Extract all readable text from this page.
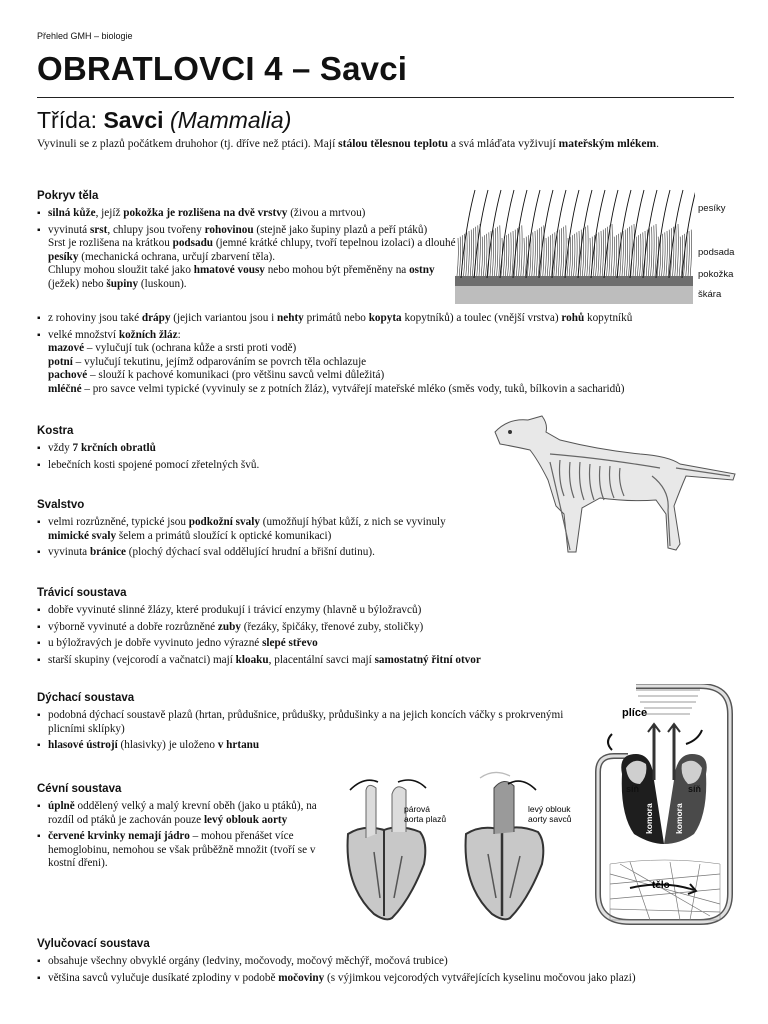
Přehled GMH – biologie
OBRATLOVCI 4 – Savci
Třída: Savci (Mammalia)
Vyvinuli se z plazů počátkem druhohor (tj. dříve než ptáci). Mají stálou tělesnou teplotu a svá mláďata vyživují mateřským mlékem.
Pokryv těla
▪ silná kůže, jejíž pokožka je rozlišena na dvě vrstvy (živou a mrtvou)
▪ vyvinutá srst, chlupy jsou tvořeny rohovinou (stejně jako šupiny plazů a peří ptáků)
Srst je rozlišena na krátkou podsadu (jemné krátké chlupy, tvoří tepelnou izolaci) a dlouhé pesíky (mechanická ochrana, určují zbarvení těla).
Chlupy mohou sloužit také jako hmatové vousy nebo mohou být přeměněny na ostny (ježek) nebo šupiny (luskoun).
▪ z rohoviny jsou také drápy (jejich variantou jsou i nehty primátů nebo kopyta kopytníků) a toulec (vnější vrstva) rohů kopytníků
▪ velké množství kožních žláz:
mazové – vylučují tuk (ochrana kůže a srsti proti vodě)
potní – vylučují tekutinu, jejímž odparováním se povrch těla ochlazuje
pachové – slouží k pachové komunikaci (pro většinu savců velmi důležitá)
mléčné – pro savce velmi typické (vyvinuly se z potních žláz), vytvářejí mateřské mléko (směs vody, tuků, bílkovin a sacharidů)
pesíky
podsada
pokožka
škára
Kostra
▪ vždy 7 krčních obratlů
▪ lebečních kosti spojené pomocí zřetelných švů.
Svalstvo
▪ velmi rozrůzněné, typické jsou podkožní svaly (umožňují hýbat kůží, z nich se vyvinuly mimické svaly šelem a primátů sloužící k optické komunikaci)
▪ vyvinuta bránice (plochý dýchací sval oddělující hrudní a břišní dutinu).
Trávicí soustava
▪ dobře vyvinuté slinné žlázy, které produkují i trávicí enzymy (hlavně u býložravců)
▪ výborně vyvinuté a dobře rozrůzněné zuby (řezáky, špičáky, třenové zuby, stoličky)
▪ u býložravých je dobře vyvinuto jedno výrazné slepé střevo
▪ starší skupiny (vejcorodí a vačnatci) mají kloaku, placentální savci mají samostatný řitní otvor
Dýchací soustava
▪ podobná dýchací soustavě plazů (hrtan, průdušnice, průdušky, průdušinky a na jejich koncích váčky s prokrvenými plicními sklípky)
▪ hlasové ústrojí (hlasivky) je uloženo v hrtanu
Cévní soustava
▪ úplně oddělený velký a malý krevní oběh (jako u ptáků), na rozdíl od ptáků je zachován pouze levý oblouk aorty
▪ červené krvinky nemají jádro – mohou přenášet více hemoglobinu, nemohou se však průběžně množit (tvoří se v kostní dřeni).
párová
aorta plazů
levý oblouk
aorty savců
plíce
síň	síň
komora komora
tělo
Vylučovací soustava
▪ obsahuje všechny obvyklé orgány (ledviny, močovody, močový měchýř, močová trubice)
▪ většina savců vylučuje dusíkaté zplodiny v podobě močoviny (s výjimkou vejcorodých vytvářejících kyselinu močovou jako plazi)
